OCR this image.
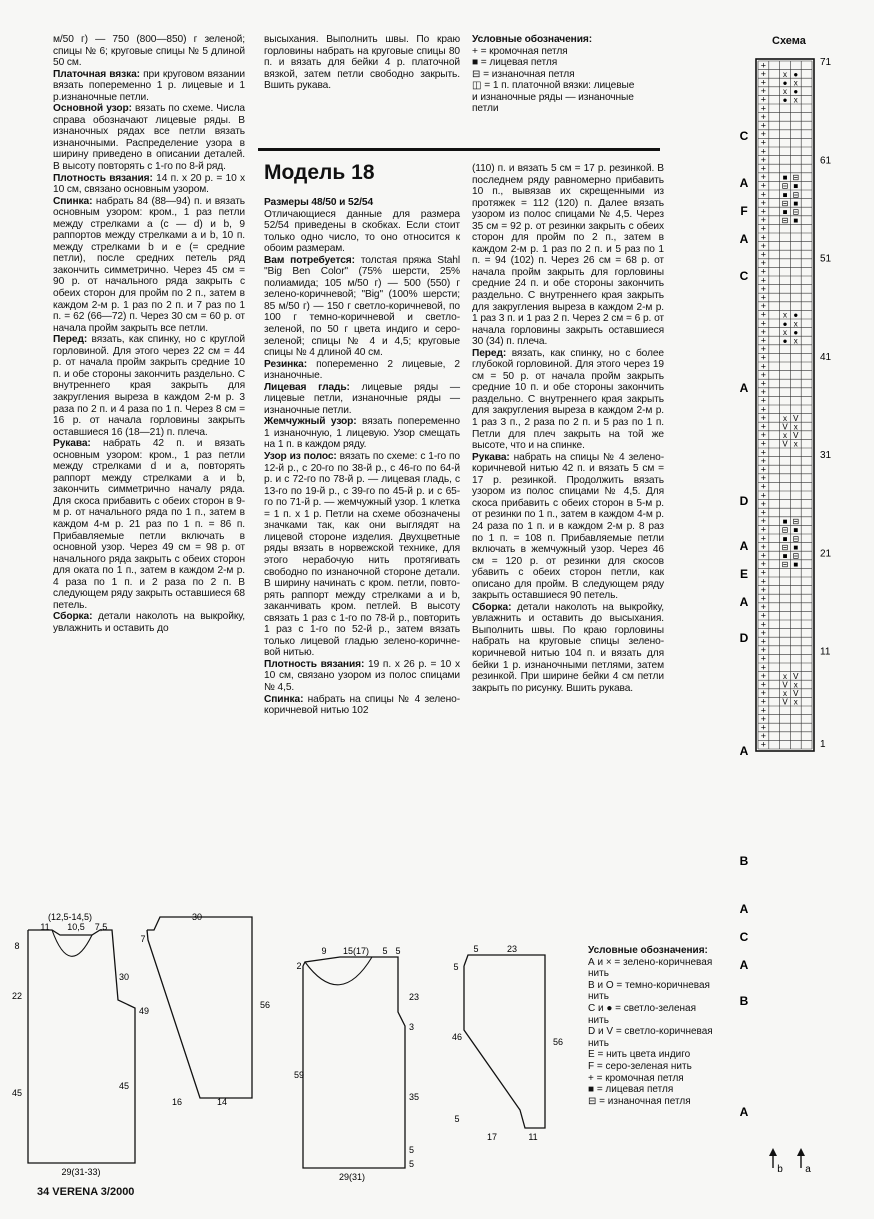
м/50 г) — 750 (800—850) г зеленой; спицы № 6; круговые спицы № 5 длиной 50 см.

Платочная вязка: при круговом вязании вязать попеременно 1 р. лицевые и 1 р.изнаночные петли.

Основной узор: вязать по схеме. Числа справа обозначают лицевые ряды. В изнаночных рядах все петли вязать изнаночными. Распределение узора в ширину приведено в описании деталей. В высоту повторять с 1-го по 8-й ряд.

Плотность вязания: 14 п. х 20 р. = 10 х 10 см, связано основным узором.

Спинка: набрать 84 (88—94) п. и вязать основным узором: кром., 1 раз петли между стрелками а (с — d) и b, 9 раппортов между стрелками а и b, 10 п. между стрелками b и е (= средние петли), после средних петель ряд закончить симметрично. Через 45 см = 90 р. от начального ряда закрыть с обеих сторон для пройм по 2 п., затем в каждом 2-м р. 1 раз по 2 п. и 7 раз по 1 п. = 62 (66—72) п. Через 30 см = 60 р. от начала пройм закрыть все петли.

Перед: вязать, как спинку, но с круглой горловиной. Для этого через 22 см = 44 р. от начала пройм закрыть средние 10 п. и обе стороны закончить раздельно. С внутреннего края закрыть для закругления выреза в каждом 2-м р. 3 раза по 2 п. и 4 раза по 1 п. Через 8 см = 16 р. от начала горловины закрыть оставшиеся 16 (18—21) п. плеча.

Рукава: набрать 42 п. и вязать основным узором: кром., 1 раз петли между стрелками d и а, повторять раппорт между стрелками а и b, закончить симметрично началу ряда. Для скоса прибавить с обеих сторон в 9-м р. от начального ряда по 1 п., затем в каждом 4-м р. 21 раз по 1 п. = 86 п. Прибавляемые петли включать в основной узор. Через 49 см = 98 р. от начального ряда закрыть с обеих сторон для оката по 1 п., затем в каждом 2-м р. 4 раза по 1 п. и 2 раза по 2 п. В следующем ряду закрыть оставшиеся 68 петель.

Сборка: детали наколоть на выкройку, увлажнить и оставить до

высыхания. Выполнить швы. По краю горловины набрать на круговые спицы 80 п. и вязать для бейки 4 р. платочной вязкой, затем петли свободно закрыть. Вшить рукава.

Условные обозначения:
+ = кромочная петля
■ = лицевая петля
⊟ = изнаночная петля
◫ = 1 п. платочной вязки: лицевые и изнаночные ряды — изнаночные петли
Модель 18

Размеры 48/50 и 52/54

Отличающиеся данные для размера 52/54 приведены в скобках. Если стоит только одно число, то оно относится к обоим размерам.

Вам потребуется: толстая пряжа Stahl "Big Ben Color" (75% шерсти, 25% полиамида; 105 м/50 г) — 500 (550) г зелено-коричневой; "Big" (100% шерсти; 85 м/50 г) — 150 г светло-коричневой, по 100 г темно-коричневой и светло-зеленой, по 50 г цвета индиго и серо-зеленой; спицы № 4 и 4,5; круговые спицы № 4 длиной 40 см.

Резинка: попеременно 2 лицевые, 2 изнаночные.

Лицевая гладь: лицевые ряды — лицевые петли, изнаночные ряды — изнаночные петли.

Жемчужный узор: вязать попеременно 1 изнаночную, 1 лицевую. Узор смещать на 1 п. в каждом ряду.

Узор из полос: вязать по схеме: с 1-го по 12-й р., с 20-го по 38-й р., с 46-го по 64-й р. и с 72-го по 78-й р. — лицевая гладь, с 13-го по 19-й р., с 39-го по 45-й р. и с 65-го по 71-й р. — жемчужный узор. 1 клетка = 1 п. х 1 р. Петли на схеме обозначены значками так, как они выглядят на лицевой стороне изделия. Двухцветные ряды вязать в норвежской технике, для этого нерабочую нить протягивать свободно по изнаночной стороне детали. В ширину начинать с кром. петли, повторять раппорт между стрелками а и b, заканчивать кром. петлей. В высоту связать 1 раз с 1-го по 78-й р., повторить 1 раз с 1-го по 52-й р., затем вязать только лицевой гладью зелено-коричневой нитью.

Плотность вязания: 19 п. х 26 р. = 10 х 10 см, связано узором из полос спицами № 4,5.

Спинка: набрать на спицы № 4 зелено-коричневой нитью 102

(110) п. и вязать 5 см = 17 р. резинкой. В последнем ряду равномерно прибавить 10 п., вывязав их скрещенными из протяжек = 112 (120) п. Далее вязать узором из полос спицами № 4,5. Через 35 см = 92 р. от резинки закрыть с обеих сторон для пройм по 2 п., затем в каждом 2-м р. 1 раз по 2 п. и 5 раз по 1 п. = 94 (102) п. Через 26 см = 68 р. от начала пройм закрыть для горловины средние 24 п. и обе стороны закончить раздельно. С внутреннего края закрыть для закругления выреза в каждом 2-м р. 1 раз 3 п. и 1 раз 2 п. Через 2 см = 6 р. от начала горловины закрыть оставшиеся 30 (34) п. плеча.

Перед: вязать, как спинку, но с более глубокой горловиной. Для этого через 19 см = 50 р. от начала пройм закрыть средние 10 п. и обе стороны закончить раздельно. С внутреннего края закрыть для закругления выреза в каждом 2-м р. 1 раз 3 п., 2 раза по 2 п. и 5 раз по 1 п. Петли для плеч закрыть на той же высоте, что и на спинке.

Рукава: набрать на спицы № 4 зелено-коричневой нитью 42 п. и вязать 5 см = 17 р. резинкой. Продолжить вязать узором из полос спицами № 4,5. Для скоса прибавить с обеих сторон в 5-м р. от резинки по 1 п., затем в каждом 4-м р. 24 раза по 1 п. и в каждом 2-м р. 8 раз по 1 п. = 108 п. Прибавляемые петли включать в жемчужный узор. Через 46 см = 120 р. от резинки для скосов убавить с обеих сторон петли, как описано для пройм. В следующем ряду закрыть оставшиеся 90 петель.

Сборка: детали наколоть на выкройку, увлажнить и оставить до высыхания. Выполнить швы. По краю горловины набрать на круговые спицы зелено-коричневой нитью 104 п. и вязать для бейки 1 р. изнаночными петлями, затем резинкой. При ширине бейки 4 см петли закрыть по рисунку. Вшить рукава.

Условные обозначения:
А и × = зелено-коричневая нить
В и О = темно-коричневая нить
С и ● = светло-зеленая нить
D и V = светло-коричневая нить
Е = нить цвета индиго
F = серо-зеленая нить
+ = кромочная петля
■ = лицевая петля
⊟ = изнаночная петля
Схема
34 VERENA 3/2000
+
+
+
+
+
+
+
+
+
+
+
+
+
+
+
+
+
+
+
+
+
+
+
+
+
+
+
+
+
+
+
+
+
+
+
+
+
+
+
+
+
+
+
+
+
+
+
+
+
+
+
+
+
+
+
+
+
+
+
+
+
+
+
+
+
+
+
+
+
+
+
+
+
+
+
+
+
+
+
+
x ●
● x
x ●
● x
■ ⊟
⊟ ■
■ ⊟
⊟ ■
■ ⊟
⊟ ■
x ●
● x
x ●
● x
x V
V x
x V
V x
■ ⊟
⊟ ■
■ ⊟
⊟ ■
■ ⊟
⊟ ■
x V
V x
x V
V x
71
61
51
41
31
21
11
1
C
A
F
A
C
A
D
A
E
A
D
A
B
A
C
A
B
A
b a
(12,5-14,5)
11 10,5 7,5
8
22
45
30
45
29(31-33)
30
7
49
56
16	14
9 15(17) 5 5
2
59
23
35
5
5
3
29(31)
5	23
5
46	56
5
17	11
